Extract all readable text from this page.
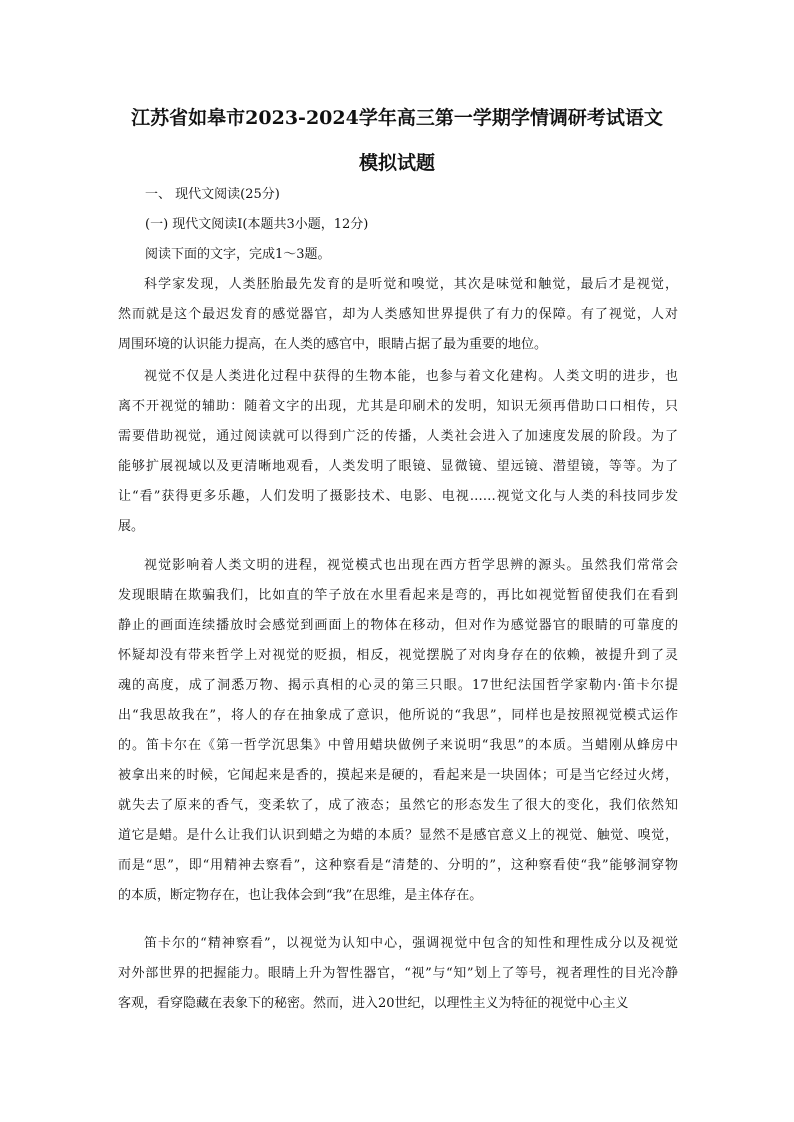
江苏省如皋市2023-2024学年高三第一学期学情调研考试语文
模拟试题
一、 现代文阅读(25分)
(一) 现代文阅读I(本题共3小题，12分)
阅读下面的文字，完成1～3题。
科学家发现，人类胚胎最先发育的是听觉和嗅觉，其次是味觉和触觉，最后才是视觉，
然而就是这个最迟发育的感觉器官，却为人类感知世界提供了有力的保障。有了视觉，人对
周围环境的认识能力提高，在人类的感官中，眼睛占据了最为重要的地位。
视觉不仅是人类进化过程中获得的生物本能，也参与着文化建构。人类文明的进步，也
离不开视觉的辅助：随着文字的出现，尤其是印刷术的发明，知识无须再借助口口相传，只
需要借助视觉，通过阅读就可以得到广泛的传播，人类社会进入了加速度发展的阶段。为了
能够扩展视域以及更清晰地观看，人类发明了眼镜、显微镜、望远镜、潜望镜，等等。为了
让“看”获得更多乐趣，人们发明了摄影技术、电影、电视……视觉文化与人类的科技同步发
展。
视觉影响着人类文明的进程，视觉模式也出现在西方哲学思辨的源头。虽然我们常常会
发现眼睛在欺骗我们，比如直的竿子放在水里看起来是弯的，再比如视觉暂留使我们在看到
静止的画面连续播放时会感觉到画面上的物体在移动，但对作为感觉器官的眼睛的可靠度的
怀疑却没有带来哲学上对视觉的贬损，相反，视觉摆脱了对肉身存在的依赖，被提升到了灵
魂的高度，成了洞悉万物、揭示真相的心灵的第三只眼。17世纪法国哲学家勒内·笛卡尔提
出“我思故我在”，将人的存在抽象成了意识，他所说的“我思”，同样也是按照视觉模式运作
的。笛卡尔在《第一哲学沉思集》中曾用蜡块做例子来说明“我思”的本质。当蜡刚从蜂房中
被拿出来的时候，它闻起来是香的，摸起来是硬的，看起来是一块固体；可是当它经过火烤，
就失去了原来的香气，变柔软了，成了液态；虽然它的形态发生了很大的变化，我们依然知
道它是蜡。是什么让我们认识到蜡之为蜡的本质？显然不是感官意义上的视觉、触觉、嗅觉，
而是“思”，即“用精神去察看”，这种察看是“清楚的、分明的”，这种察看使“我”能够洞穿物
的本质，断定物存在，也让我体会到“我”在思维，是主体存在。
笛卡尔的“精神察看”，以视觉为认知中心，强调视觉中包含的知性和理性成分以及视觉
对外部世界的把握能力。眼睛上升为智性器官，“视”与“知”划上了等号，视者理性的目光冷静
客观，看穿隐藏在表象下的秘密。然而，进入20世纪，以理性主义为特征的视觉中心主义
